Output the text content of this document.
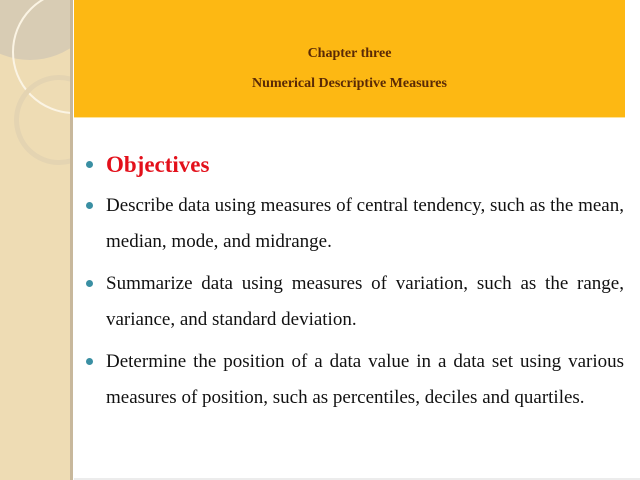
Chapter three
Numerical Descriptive Measures
Objectives
Describe data using measures of central tendency, such as the mean, median, mode, and midrange.
Summarize data using measures of variation, such as the range, variance, and standard deviation.
Determine the position of a data value in a data set using various measures of position, such as percentiles, deciles and quartiles.
